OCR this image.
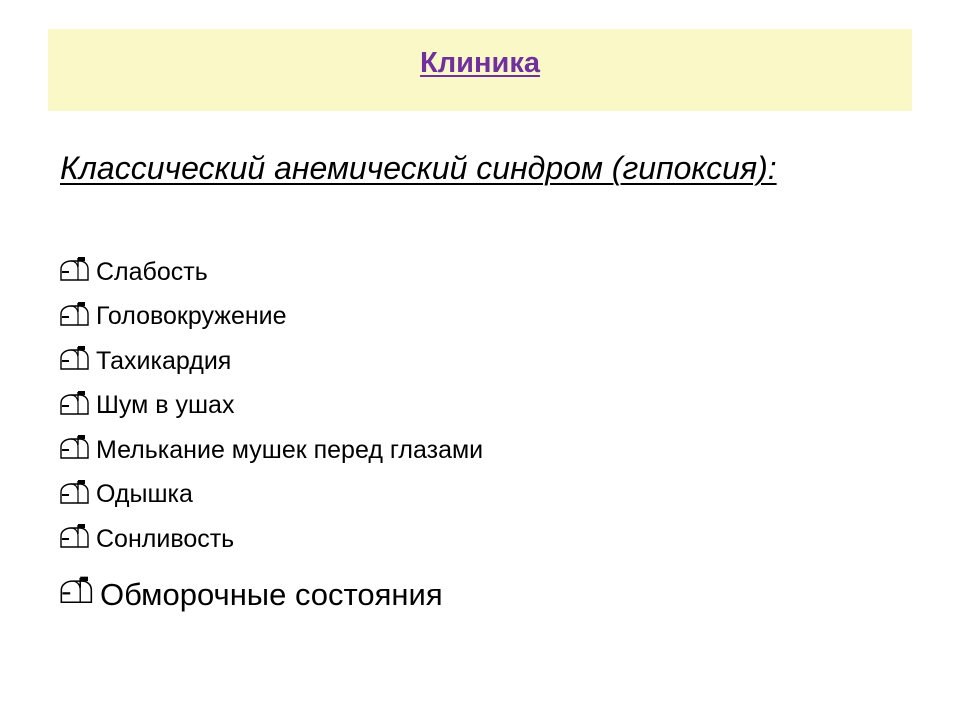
Клиника
Классический анемический синдром (гипоксия):
Слабость
Головокружение
Тахикардия
Шум в ушах
Мелькание мушек перед глазами
Одышка
Сонливость
Обморочные состояния
